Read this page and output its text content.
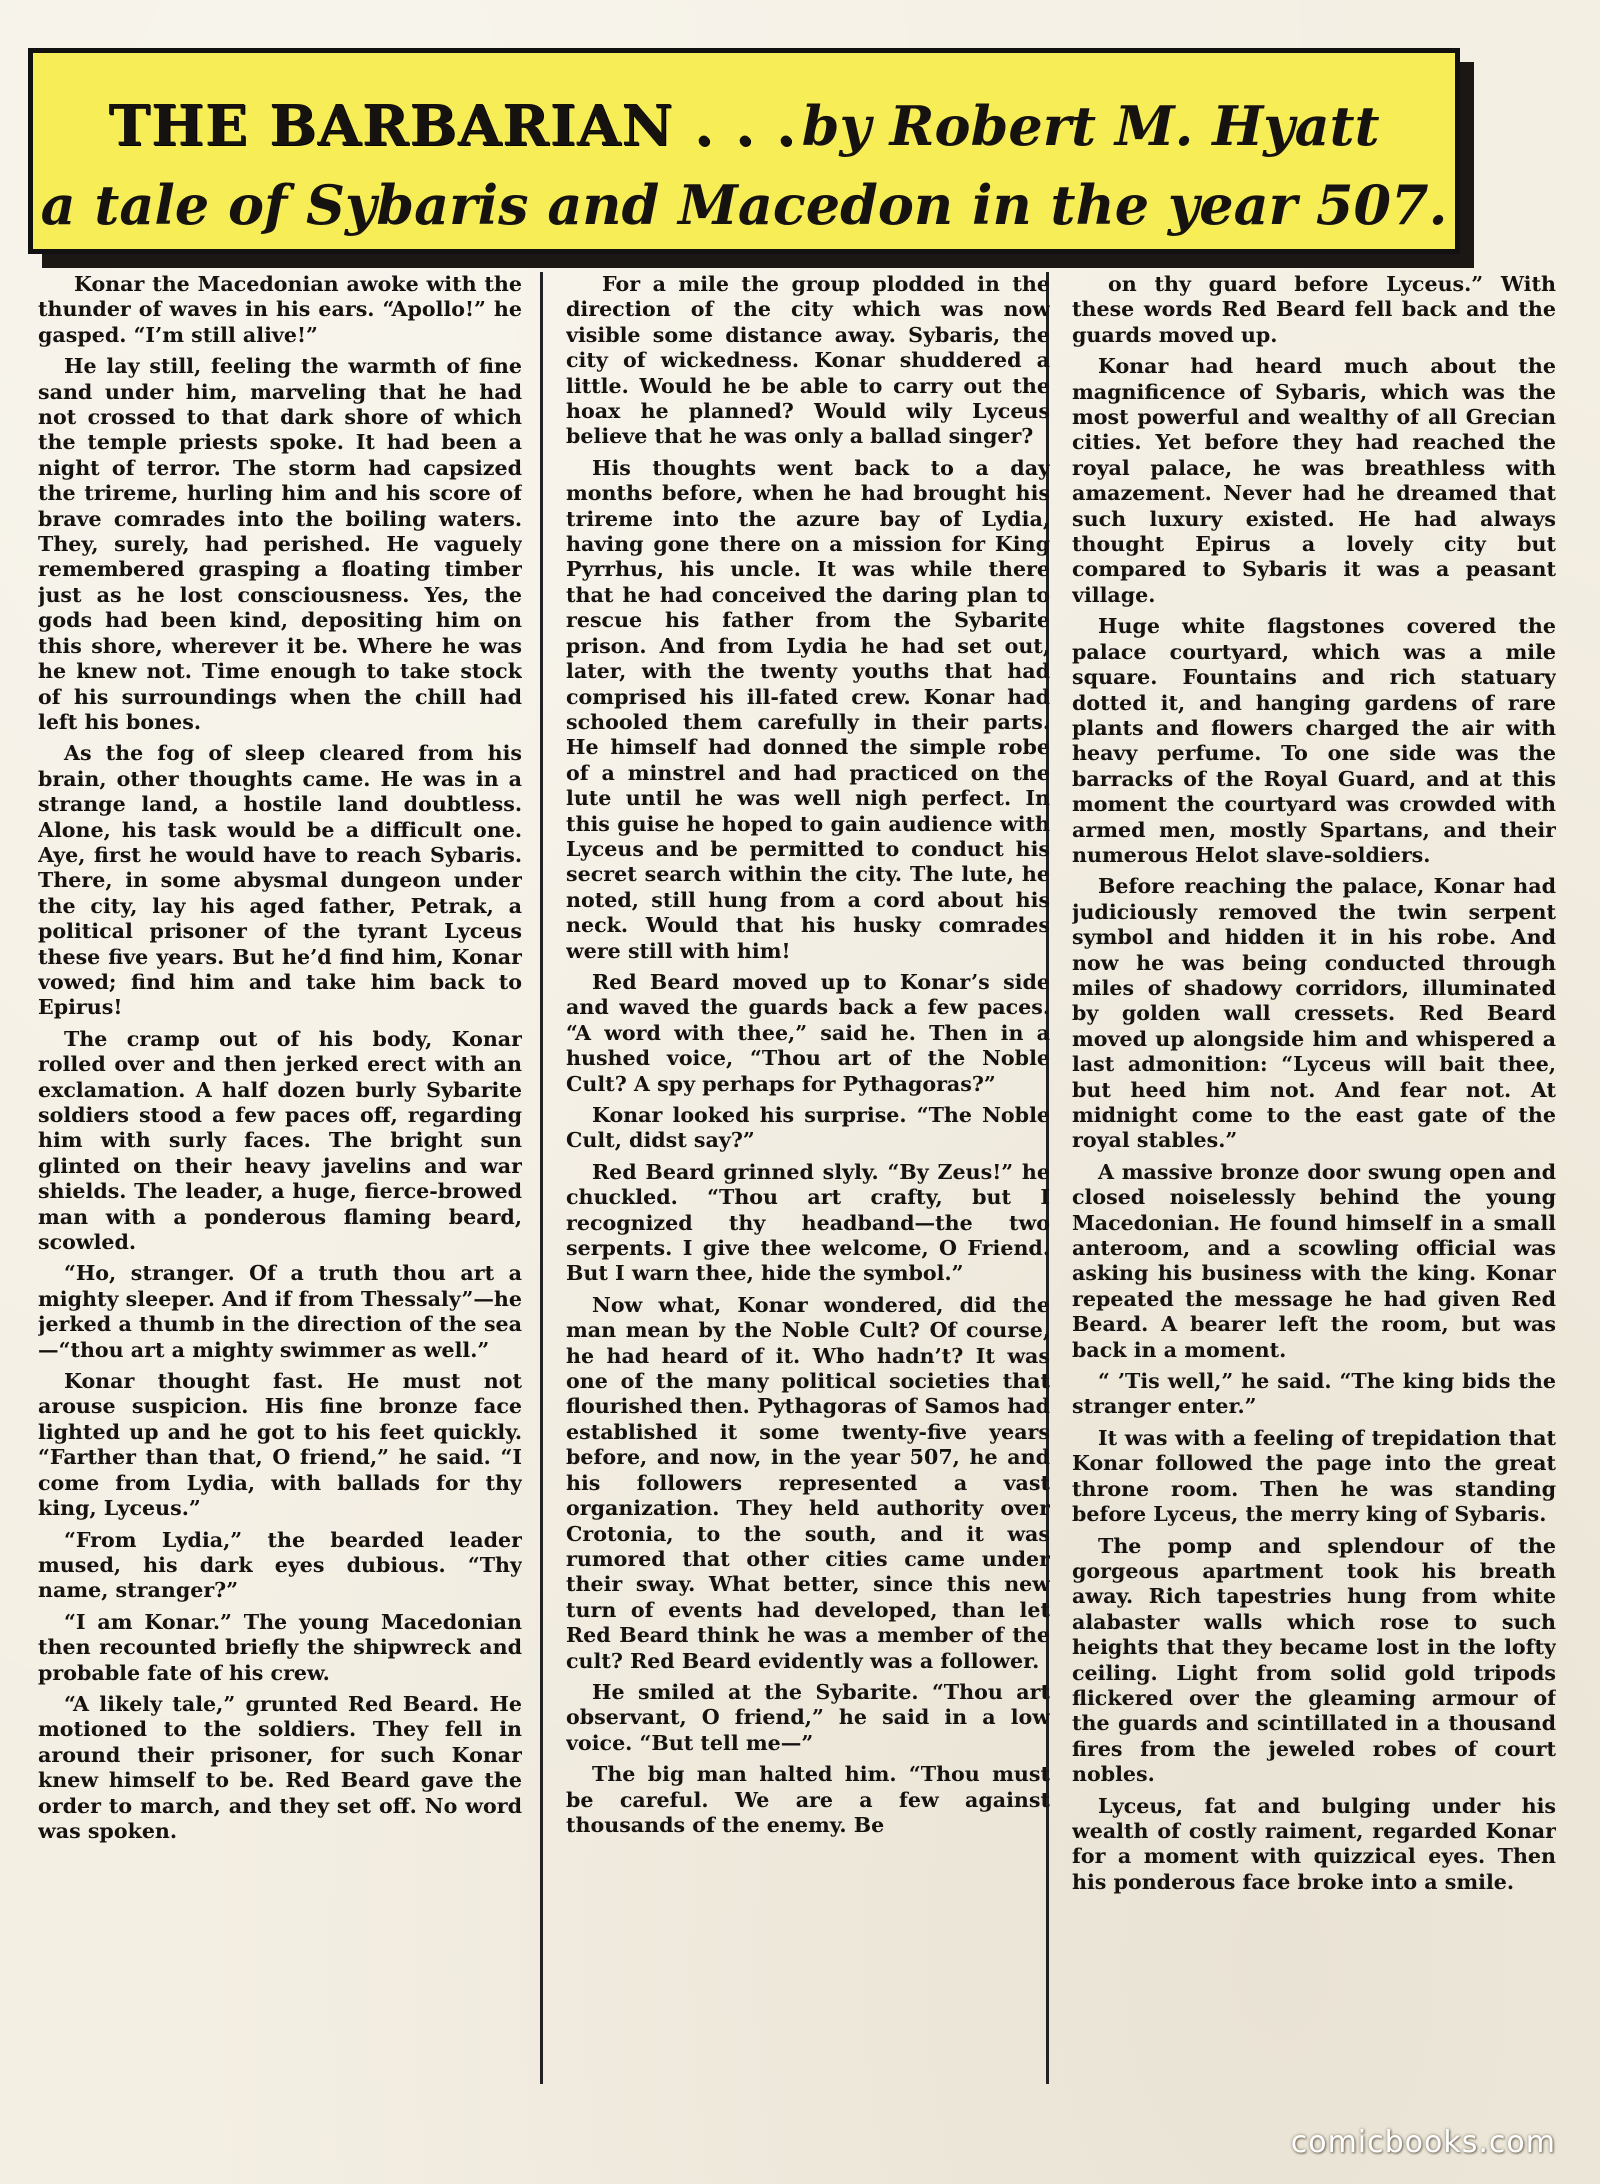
THE BARBARIAN . . . by Robert M. Hyatt
a tale of Sybaris and Macedon in the year 507.

Konar the Macedonian awoke with the thunder of waves in his ears. “Apollo!” he gasped. “I’m still alive!”

He lay still, feeling the warmth of fine sand under him, marveling that he had not crossed to that dark shore of which the temple priests spoke. It had been a night of terror. The storm had capsized the trireme, hurling him and his score of brave comrades into the boiling waters. They, surely, had perished. He vaguely remembered grasping a floating timber just as he lost consciousness. Yes, the gods had been kind, depositing him on this shore, wherever it be. Where he was he knew not. Time enough to take stock of his surroundings when the chill had left his bones.

As the fog of sleep cleared from his brain, other thoughts came. He was in a strange land, a hostile land doubtless. Alone, his task would be a difficult one. Aye, first he would have to reach Sybaris. There, in some abysmal dungeon under the city, lay his aged father, Petrak, a political prisoner of the tyrant Lyceus these five years. But he’d find him, Konar vowed; find him and take him back to Epirus!

The cramp out of his body, Konar rolled over and then jerked erect with an exclamation. A half dozen burly Sybarite soldiers stood a few paces off, regarding him with surly faces. The bright sun glinted on their heavy javelins and war shields. The leader, a huge, fierce-browed man with a ponderous flaming beard, scowled.

“Ho, stranger. Of a truth thou art a mighty sleeper. And if from Thessaly”—he jerked a thumb in the direction of the sea—“thou art a mighty swimmer as well.”

Konar thought fast. He must not arouse suspicion. His fine bronze face lighted up and he got to his feet quickly. “Farther than that, O friend,” he said. “I come from Lydia, with ballads for thy king, Lyceus.”

“From Lydia,” the bearded leader mused, his dark eyes dubious. “Thy name, stranger?”

“I am Konar.” The young Macedonian then recounted briefly the shipwreck and probable fate of his crew.

“A likely tale,” grunted Red Beard. He motioned to the soldiers. They fell in around their prisoner, for such Konar knew himself to be. Red Beard gave the order to march, and they set off. No word was spoken.

For a mile the group plodded in the direction of the city which was now visible some distance away. Sybaris, the city of wickedness. Konar shuddered a little. Would he be able to carry out the hoax he planned? Would wily Lyceus believe that he was only a ballad singer?

His thoughts went back to a day months before, when he had brought his trireme into the azure bay of Lydia, having gone there on a mission for King Pyrrhus, his uncle. It was while there that he had conceived the daring plan to rescue his father from the Sybarite prison. And from Lydia he had set out, later, with the twenty youths that had comprised his ill-fated crew. Konar had schooled them carefully in their parts. He himself had donned the simple robe of a minstrel and had practiced on the lute until he was well nigh perfect. In this guise he hoped to gain audience with Lyceus and be permitted to conduct his secret search within the city. The lute, he noted, still hung from a cord about his neck. Would that his husky comrades were still with him!

Red Beard moved up to Konar’s side and waved the guards back a few paces. “A word with thee,” said he. Then in a hushed voice, “Thou art of the Noble Cult? A spy perhaps for Pythagoras?”

Konar looked his surprise. “The Noble Cult, didst say?”

Red Beard grinned slyly. “By Zeus!” he chuckled. “Thou art crafty, but I recognized thy headband—the two serpents. I give thee welcome, O Friend. But I warn thee, hide the symbol.”

Now what, Konar wondered, did the man mean by the Noble Cult? Of course, he had heard of it. Who hadn’t? It was one of the many political societies that flourished then. Pythagoras of Samos had established it some twenty-five years before, and now, in the year 507, he and his followers represented a vast organization. They held authority over Crotonia, to the south, and it was rumored that other cities came under their sway. What better, since this new turn of events had developed, than let Red Beard think he was a member of the cult? Red Beard evidently was a follower.

He smiled at the Sybarite. “Thou art observant, O friend,” he said in a low voice. “But tell me—”

The big man halted him. “Thou must be careful. We are a few against thousands of the enemy. Be

on thy guard before Lyceus.” With these words Red Beard fell back and the guards moved up.

Konar had heard much about the magnificence of Sybaris, which was the most powerful and wealthy of all Grecian cities. Yet before they had reached the royal palace, he was breathless with amazement. Never had he dreamed that such luxury existed. He had always thought Epirus a lovely city but compared to Sybaris it was a peasant village.

Huge white flagstones covered the palace courtyard, which was a mile square. Fountains and rich statuary dotted it, and hanging gardens of rare plants and flowers charged the air with heavy perfume. To one side was the barracks of the Royal Guard, and at this moment the courtyard was crowded with armed men, mostly Spartans, and their numerous Helot slave-soldiers.

Before reaching the palace, Konar had judiciously removed the twin serpent symbol and hidden it in his robe. And now he was being conducted through miles of shadowy corridors, illuminated by golden wall cressets. Red Beard moved up alongside him and whispered a last admonition: “Lyceus will bait thee, but heed him not. And fear not. At midnight come to the east gate of the royal stables.”

A massive bronze door swung open and closed noiselessly behind the young Macedonian. He found himself in a small anteroom, and a scowling official was asking his business with the king. Konar repeated the message he had given Red Beard. A bearer left the room, but was back in a moment.

“ ’Tis well,” he said. “The king bids the stranger enter.”

It was with a feeling of trepidation that Konar followed the page into the great throne room. Then he was standing before Lyceus, the merry king of Sybaris.

The pomp and splendour of the gorgeous apartment took his breath away. Rich tapestries hung from white alabaster walls which rose to such heights that they became lost in the lofty ceiling. Light from solid gold tripods flickered over the gleaming armour of the guards and scintillated in a thousand fires from the jeweled robes of court nobles.

Lyceus, fat and bulging under his wealth of costly raiment, regarded Konar for a moment with quizzical eyes. Then his ponderous face broke into a smile.

comicbooks.com
